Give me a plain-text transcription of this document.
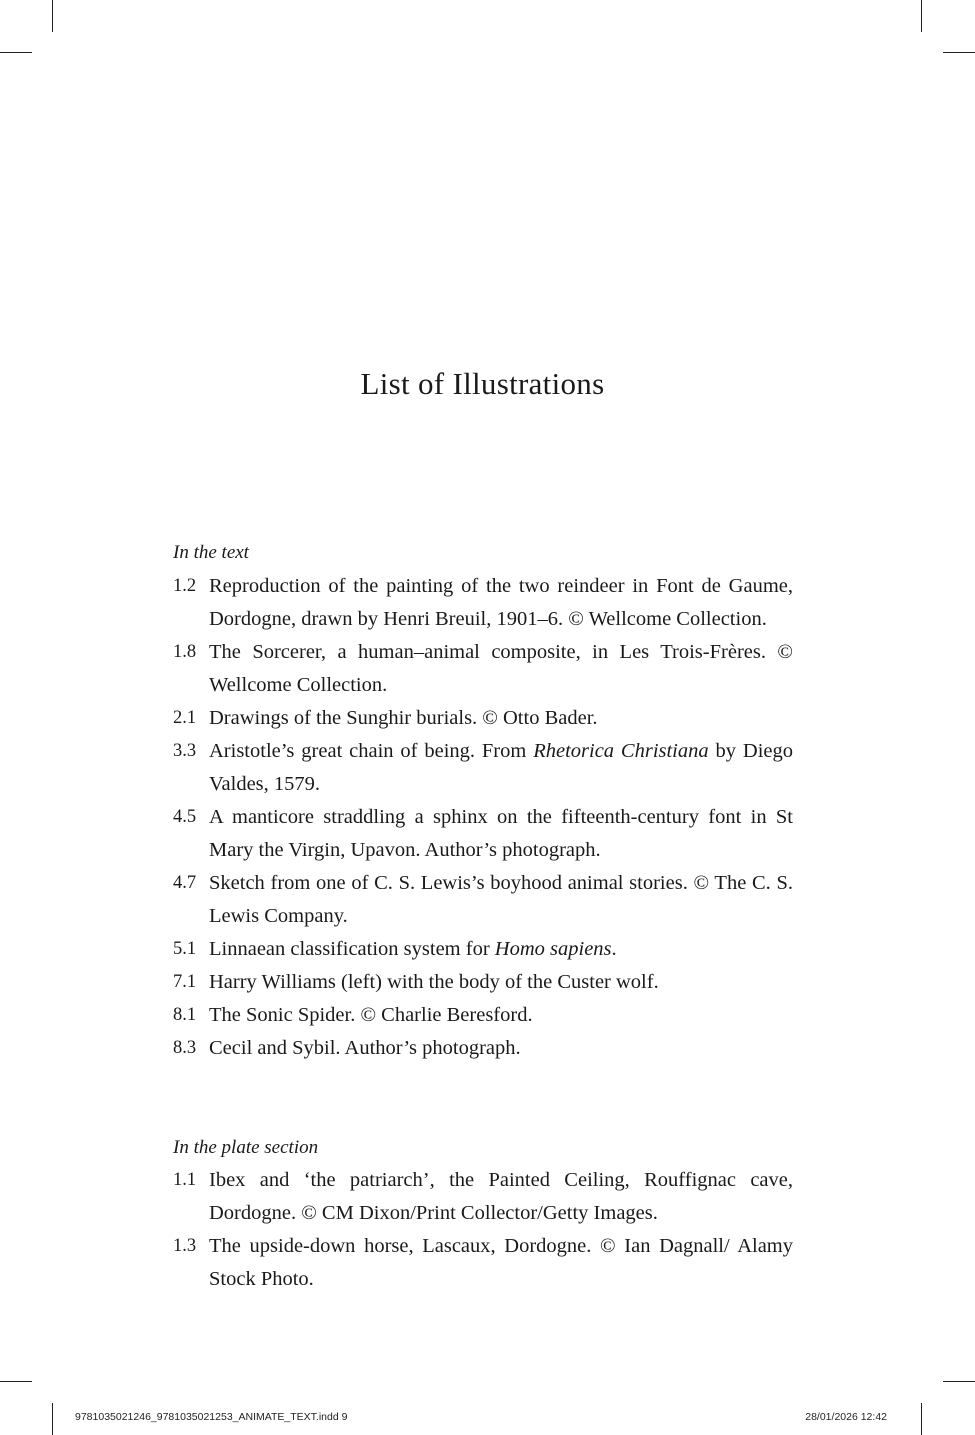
List of Illustrations
In the text
1.2 Reproduction of the painting of the two reindeer in Font de Gaume, Dordogne, drawn by Henri Breuil, 1901–6. © Wellcome Collection.
1.8 The Sorcerer, a human–animal composite, in Les Trois-Frères. © Wellcome Collection.
2.1 Drawings of the Sunghir burials. © Otto Bader.
3.3 Aristotle’s great chain of being. From Rhetorica Christiana by Diego Valdes, 1579.
4.5 A manticore straddling a sphinx on the fifteenth-century font in St Mary the Virgin, Upavon. Author’s photograph.
4.7 Sketch from one of C. S. Lewis’s boyhood animal stories. © The C. S. Lewis Company.
5.1 Linnaean classification system for Homo sapiens.
7.1 Harry Williams (left) with the body of the Custer wolf.
8.1 The Sonic Spider. © Charlie Beresford.
8.3 Cecil and Sybil. Author’s photograph.
In the plate section
1.1 Ibex and ‘the patriarch’, the Painted Ceiling, Rouffignac cave, Dordogne. © CM Dixon/Print Collector/Getty Images.
1.3 The upside-down horse, Lascaux, Dordogne. © Ian Dagnall/ Alamy Stock Photo.
9781035021246_9781035021253_ANIMATE_TEXT.indd 9	28/01/2026 12:42
